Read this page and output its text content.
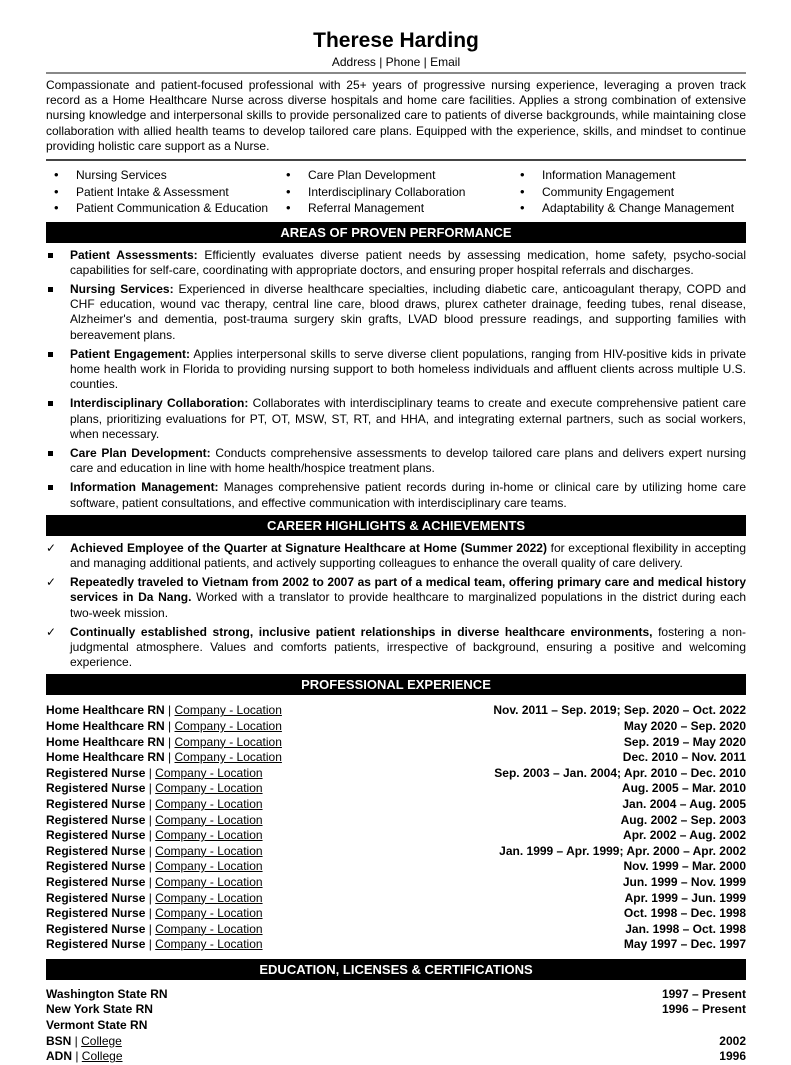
Therese Harding
Address | Phone | Email
Compassionate and patient-focused professional with 25+ years of progressive nursing experience, leveraging a proven track record as a Home Healthcare Nurse across diverse hospitals and home care facilities. Applies a strong combination of extensive nursing knowledge and interpersonal skills to provide personalized care to patients of diverse backgrounds, while maintaining close collaboration with allied health teams to develop tailored care plans. Equipped with the experience, skills, and mindset to continue providing holistic care support as a Nurse.
• Nursing Services
• Patient Intake & Assessment
• Patient Communication & Education
• Care Plan Development
• Interdisciplinary Collaboration
• Referral Management
• Information Management
• Community Engagement
• Adaptability & Change Management
AREAS OF PROVEN PERFORMANCE
Patient Assessments: Efficiently evaluates diverse patient needs by assessing medication, home safety, psycho-social capabilities for self-care, coordinating with appropriate doctors, and ensuring proper hospital referrals and discharges.
Nursing Services: Experienced in diverse healthcare specialties, including diabetic care, anticoagulant therapy, COPD and CHF education, wound vac therapy, central line care, blood draws, plurex catheter drainage, feeding tubes, renal disease, Alzheimer's and dementia, post-trauma surgery skin grafts, LVAD blood pressure readings, and supporting families with bereavement plans.
Patient Engagement: Applies interpersonal skills to serve diverse client populations, ranging from HIV-positive kids in private home health work in Florida to providing nursing support to both homeless individuals and affluent clients across multiple U.S. counties.
Interdisciplinary Collaboration: Collaborates with interdisciplinary teams to create and execute comprehensive patient care plans, prioritizing evaluations for PT, OT, MSW, ST, RT, and HHA, and integrating external partners, such as social workers, when necessary.
Care Plan Development: Conducts comprehensive assessments to develop tailored care plans and delivers expert nursing care and education in line with home health/hospice treatment plans.
Information Management: Manages comprehensive patient records during in-home or clinical care by utilizing home care software, patient consultations, and effective communication with interdisciplinary care teams.
CAREER HIGHLIGHTS & ACHIEVEMENTS
✓ Achieved Employee of the Quarter at Signature Healthcare at Home (Summer 2022) for exceptional flexibility in accepting and managing additional patients, and actively supporting colleagues to enhance the overall quality of care delivery.
✓ Repeatedly traveled to Vietnam from 2002 to 2007 as part of a medical team, offering primary care and medical history services in Da Nang. Worked with a translator to provide healthcare to marginalized populations in the district during each two-week mission.
✓ Continually established strong, inclusive patient relationships in diverse healthcare environments, fostering a non-judgmental atmosphere. Values and comforts patients, irrespective of background, ensuring a positive and welcoming experience.
PROFESSIONAL EXPERIENCE
Home Healthcare RN | Company - Location	Nov. 2011 – Sep. 2019; Sep. 2020 – Oct. 2022
Home Healthcare RN | Company - Location	May 2020 – Sep. 2020
Home Healthcare RN | Company - Location	Sep. 2019 – May 2020
Home Healthcare RN | Company - Location	Dec. 2010 – Nov. 2011
Registered Nurse | Company - Location	Sep. 2003 – Jan. 2004; Apr. 2010 – Dec. 2010
Registered Nurse | Company - Location	Aug. 2005 – Mar. 2010
Registered Nurse | Company - Location	Jan. 2004 – Aug. 2005
Registered Nurse | Company - Location	Aug. 2002 – Sep. 2003
Registered Nurse | Company - Location	Apr. 2002 – Aug. 2002
Registered Nurse | Company - Location	Jan. 1999 – Apr. 1999; Apr. 2000 – Apr. 2002
Registered Nurse | Company - Location	Nov. 1999 – Mar. 2000
Registered Nurse | Company - Location	Jun. 1999 – Nov. 1999
Registered Nurse | Company - Location	Apr. 1999 – Jun. 1999
Registered Nurse | Company - Location	Oct. 1998 – Dec. 1998
Registered Nurse | Company - Location	Jan. 1998 – Oct. 1998
Registered Nurse | Company - Location	May 1997 – Dec. 1997
EDUCATION, LICENSES & CERTIFICATIONS
Washington State RN	1997 – Present
New York State RN	1996 – Present
Vermont State RN
BSN | College	2002
ADN | College	1996
